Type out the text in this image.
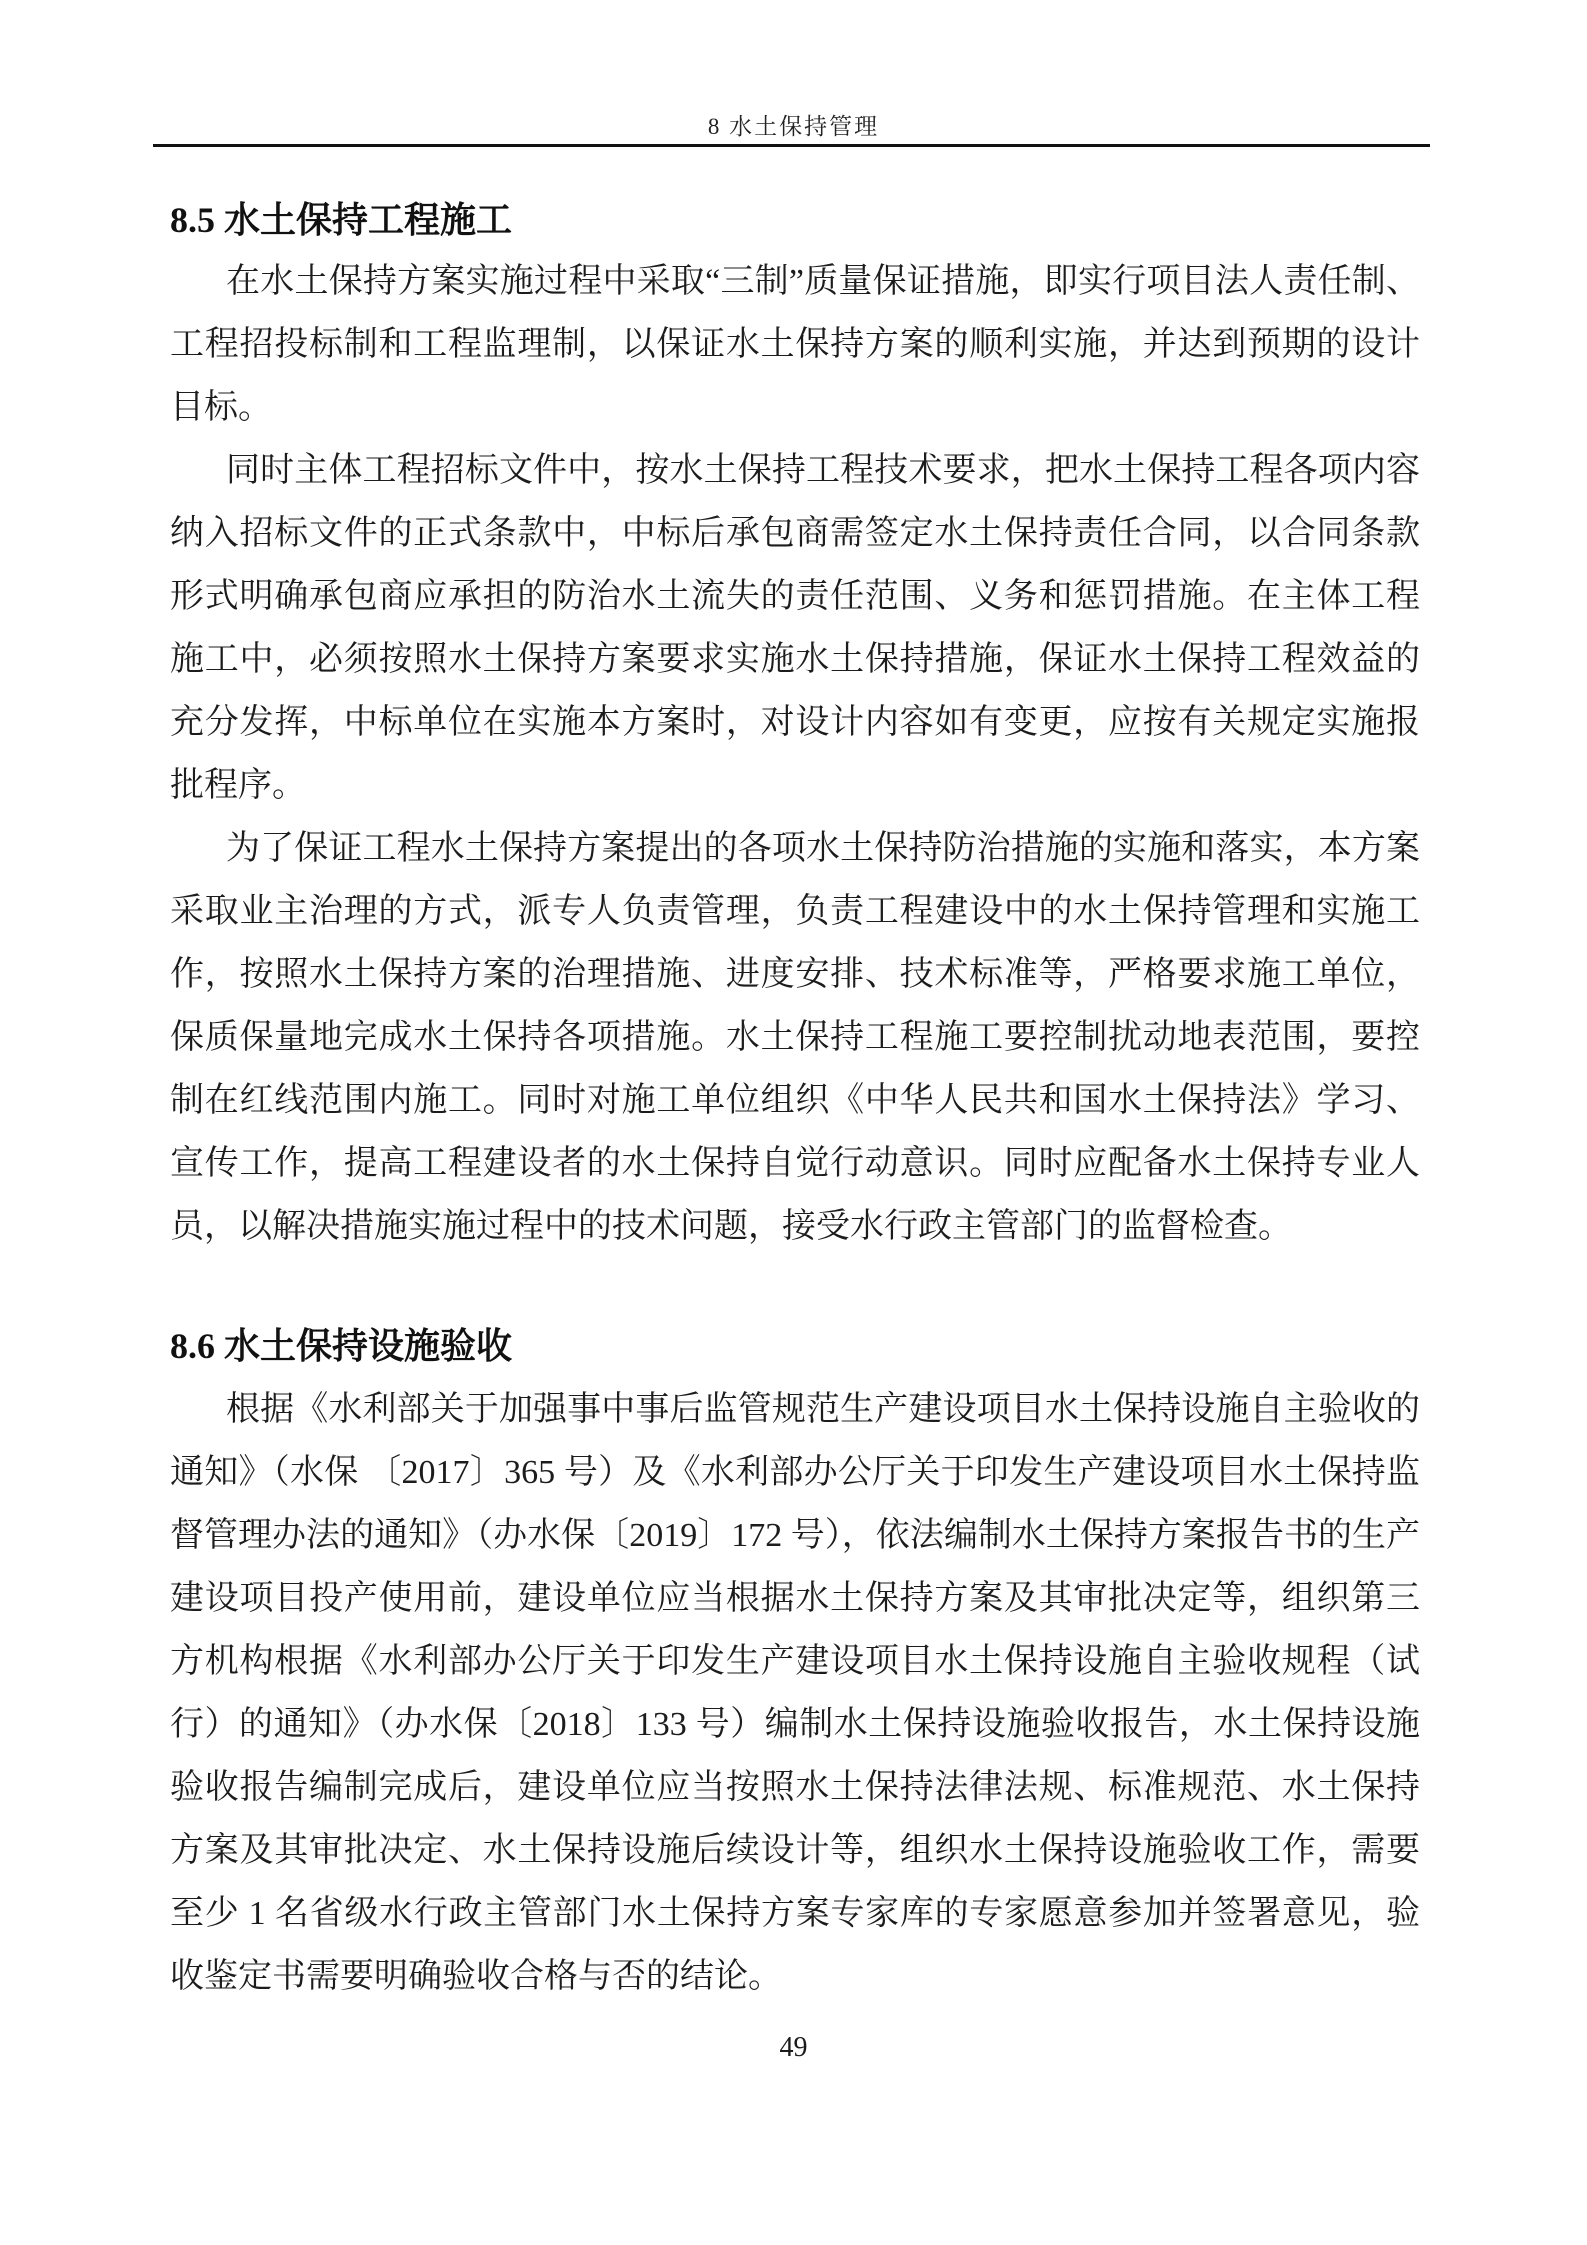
8 水土保持管理
8.5 水土保持工程施工

在水土保持方案实施过程中采取“三制”质量保证措施，即实行项目法人责任制、工程招投标制和工程监理制，以保证水土保持方案的顺利实施，并达到预期的设计目标。

同时主体工程招标文件中，按水土保持工程技术要求，把水土保持工程各项内容纳入招标文件的正式条款中，中标后承包商需签定水土保持责任合同，以合同条款形式明确承包商应承担的防治水土流失的责任范围、义务和惩罚措施。在主体工程施工中，必须按照水土保持方案要求实施水土保持措施，保证水土保持工程效益的充分发挥，中标单位在实施本方案时，对设计内容如有变更，应按有关规定实施报批程序。

为了保证工程水土保持方案提出的各项水土保持防治措施的实施和落实，本方案采取业主治理的方式，派专人负责管理，负责工程建设中的水土保持管理和实施工作，按照水土保持方案的治理措施、进度安排、技术标准等，严格要求施工单位，保质保量地完成水土保持各项措施。水土保持工程施工要控制扰动地表范围，要控制在红线范围内施工。同时对施工单位组织《中华人民共和国水土保持法》学习、宣传工作，提高工程建设者的水土保持自觉行动意识。同时应配备水土保持专业人员，以解决措施实施过程中的技术问题，接受水行政主管部门的监督检查。

8.6 水土保持设施验收

根据《水利部关于加强事中事后监管规范生产建设项目水土保持设施自主验收的通知》（水保 〔2017〕365 号）及《水利部办公厅关于印发生产建设项目水土保持监督管理办法的通知》（办水保〔2019〕172 号），依法编制水土保持方案报告书的生产建设项目投产使用前，建设单位应当根据水土保持方案及其审批决定等，组织第三方机构根据《水利部办公厅关于印发生产建设项目水土保持设施自主验收规程（试行）的通知》（办水保〔2018〕133 号）编制水土保持设施验收报告，水土保持设施验收报告编制完成后，建设单位应当按照水土保持法律法规、标准规范、水土保持方案及其审批决定、水土保持设施后续设计等，组织水土保持设施验收工作，需要至少 1 名省级水行政主管部门水土保持方案专家库的专家愿意参加并签署意见，验收鉴定书需要明确验收合格与否的结论。

49
